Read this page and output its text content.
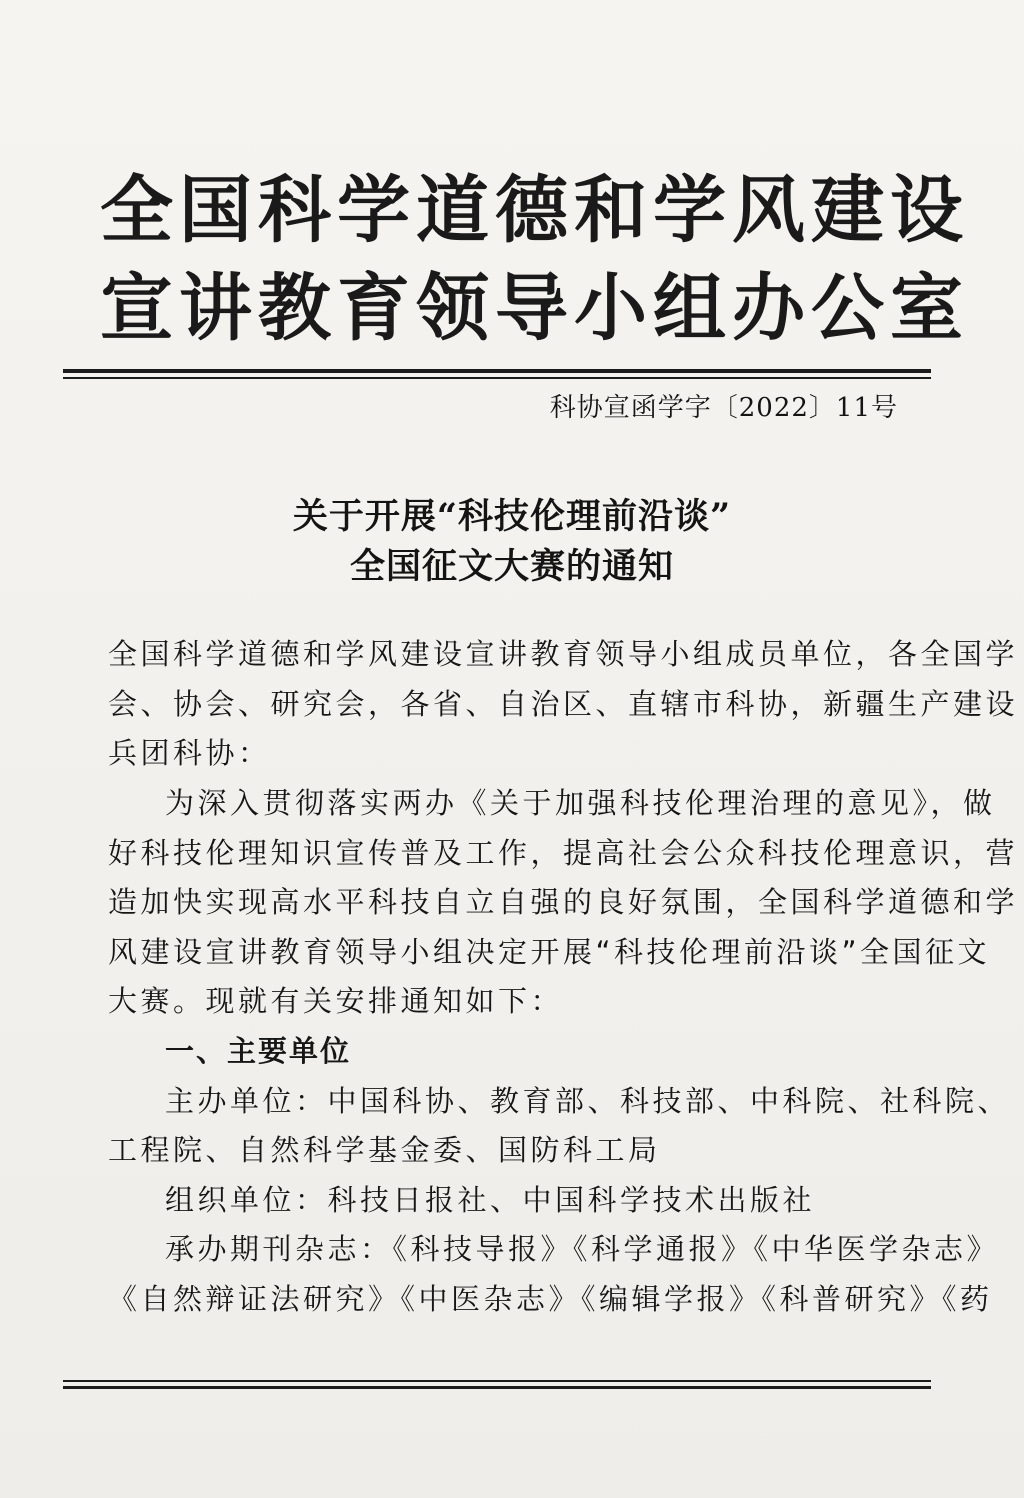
全国科学道德和学风建设
宣讲教育领导小组办公室
科协宣函学字〔2022〕11号
关于开展“科技伦理前沿谈”
全国征文大赛的通知
全国科学道德和学风建设宣讲教育领导小组成员单位，各全国学
会、协会、研究会，各省、自治区、直辖市科协，新疆生产建设
兵团科协：
为深入贯彻落实两办《关于加强科技伦理治理的意见》，做
好科技伦理知识宣传普及工作，提高社会公众科技伦理意识，营
造加快实现高水平科技自立自强的良好氛围，全国科学道德和学
风建设宣讲教育领导小组决定开展“科技伦理前沿谈”全国征文
大赛。现就有关安排通知如下：
一、主要单位
主办单位：中国科协、教育部、科技部、中科院、社科院、
工程院、自然科学基金委、国防科工局
组织单位：科技日报社、中国科学技术出版社
承办期刊杂志：《科技导报》《科学通报》《中华医学杂志》
《自然辩证法研究》《中医杂志》《编辑学报》《科普研究》《药
